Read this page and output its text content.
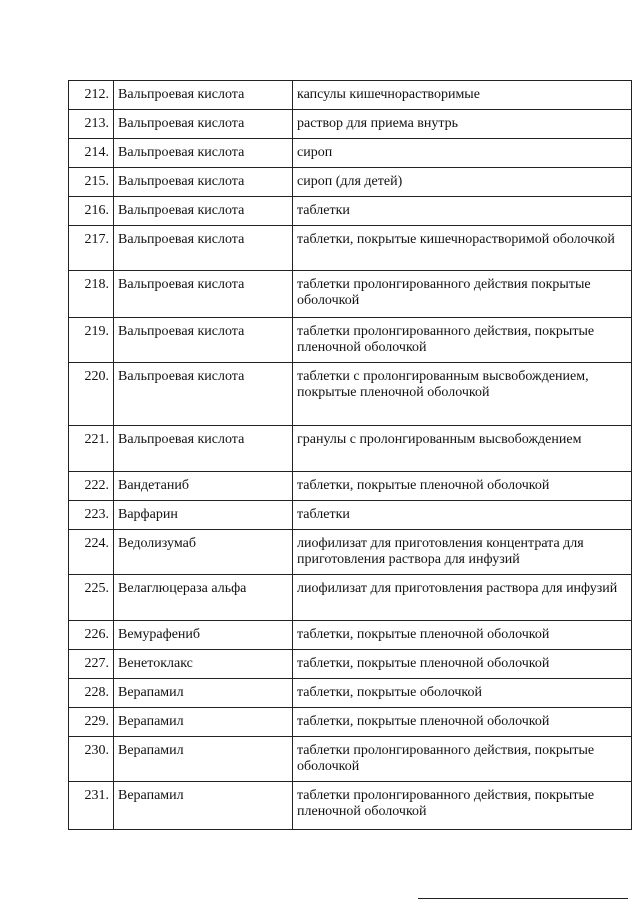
212.	Вальпроевая кислота	капсулы кишечнорастворимые
213.	Вальпроевая кислота	раствор для приема внутрь
214.	Вальпроевая кислота	сироп
215.	Вальпроевая кислота	сироп (для детей)
216.	Вальпроевая кислота	таблетки
217.	Вальпроевая кислота	таблетки, покрытые кишечнорастворимой оболочкой
218.	Вальпроевая кислота	таблетки пролонгированного действия покрытые оболочкой
219.	Вальпроевая кислота	таблетки пролонгированного действия, покрытые пленочной оболочкой
220.	Вальпроевая кислота	таблетки с пролонгированным высвобождением, покрытые пленочной оболочкой
221.	Вальпроевая кислота	гранулы с пролонгированным высвобождением
222.	Вандетаниб	таблетки, покрытые пленочной оболочкой
223.	Варфарин	таблетки
224.	Ведолизумаб	лиофилизат для приготовления концентрата для приготовления раствора для инфузий
225.	Велаглюцераза альфа	лиофилизат для приготовления раствора для инфузий
226.	Вемурафениб	таблетки, покрытые пленочной оболочкой
227.	Венетоклакс	таблетки, покрытые пленочной оболочкой
228.	Верапамил	таблетки, покрытые оболочкой
229.	Верапамил	таблетки, покрытые пленочной оболочкой
230.	Верапамил	таблетки пролонгированного действия, покрытые оболочкой
231.	Верапамил	таблетки пролонгированного действия, покрытые пленочной оболочкой
